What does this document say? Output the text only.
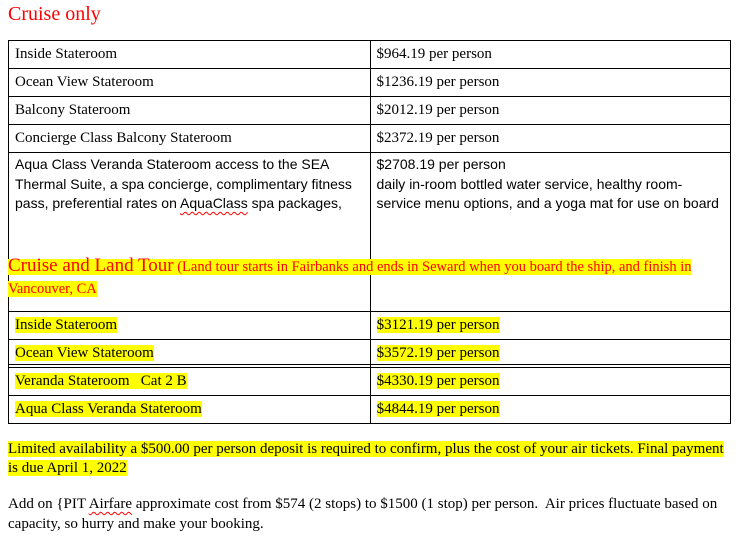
Cruise only
Inside Stateroom	$964.19 per person
Ocean View Stateroom	$1236.19 per person
Balcony Stateroom	$2012.19 per person
Concierge Class Balcony Stateroom	$2372.19 per person
Aqua Class Veranda Stateroom access to the SEA Thermal Suite, a spa concierge, complimentary fitness pass, preferential rates on AquaClass spa packages,	$2708.19 per person
daily in-room bottled water service, healthy room-service menu options, and a yoga mat for use on board
Cruise and Land Tour (Land tour starts in Fairbanks and ends in Seward when you board the ship, and finish in Vancouver, CA
Inside Stateroom	$3121.19 per person
Ocean View Stateroom	$3572.19 per person
Veranda Stateroom   Cat 2 B	$4330.19 per person
Aqua Class Veranda Stateroom	$4844.19 per person
Limited availability a $500.00 per person deposit is required to confirm, plus the cost of your air tickets. Final payment is due April 1, 2022
Add on {PIT Airfare approximate cost from $574 (2 stops) to $1500 (1 stop) per person.  Air prices fluctuate based on capacity, so hurry and make your booking.
